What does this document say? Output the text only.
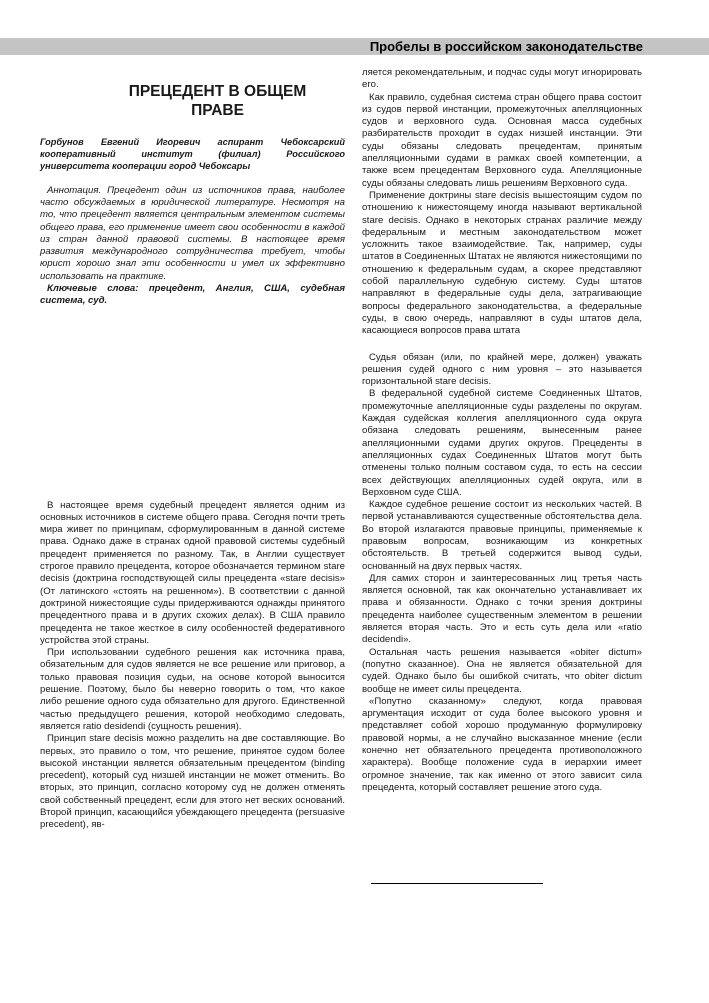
Пробелы в российском законодательстве
ПРЕЦЕДЕНТ В ОБЩЕМ ПРАВЕ

Горбунов Евгений Игоревич аспирант Чебоксарский кооперативный институт (филиал) Российского университета кооперации город Чебоксары

Аннотация. Прецедент один из источников права, наиболее часто обсуждаемых в юридической литературе. Несмотря на то, что прецедент является центральным элементом системы общего права, его применение имеет свои особенности в каждой из стран данной правовой системы. В настоящее время развития международного сотрудничества требует, чтобы юрист хорошо знал эти особенности и умел их эффективно использовать на практике.

Ключевые слова: прецедент, Англия, США, судебная система, суд.

В настоящее время судебный прецедент является одним из основных источников в системе общего права. Сегодня почти треть мира живет по принципам, сформулированным в данной системе права. Однако даже в странах одной правовой системы судебный прецедент применяется по разному. Так, в Англии существует строгое правило прецедента, которое обозначается термином stare decisis (доктрина господствующей силы прецедента «stare decisis» (От латинского «стоять на решенном»). В соответствии с данной доктриной нижестоящие суды придерживаются однажды принятого прецедентного права и в других схожих делах). В США правило прецедента не такое жесткое в силу особенностей федеративного устройства этой страны.

При использовании судебного решения как источника права, обязательным для судов является не все решение или приговор, а только правовая позиция судьи, на основе которой выносится решение. Поэтому, было бы неверно говорить о том, что какое либо решение одного суда обязательно для другого. Единственной частью предыдущего решения, которой необходимо следовать, является ratio desidendi (сущность решения).

Принцип stare decisis можно разделить на две составляющие. Во первых, это правило о том, что решение, принятое судом более высокой инстанции является обязательным прецедентом (binding precedent), который суд низшей инстанции не может отменить. Во вторых, это принцип, согласно которому суд не должен отменять свой собственный прецедент, если для этого нет веских оснований. Второй принцип, касающийся убеждающего прецедента (persuasive precedent), яв-

ляется рекомендательным, и подчас суды могут игнорировать его.

Как правило, судебная система стран общего права состоит из судов первой инстанции, промежуточных апелляционных судов и верховного суда. Основная масса судебных разбирательств проходит в судах низшей инстанции. Эти суды обязаны следовать прецедентам, принятым апелляционными судами в рамках своей компетенции, а также всем прецедентам Верховного суда. Апелляционные суды обязаны следовать лишь решениям Верховного суда.

Применение доктрины stare decisis вышестоящим судом по отношению к нижестоящему иногда называют вертикальной stare decisis. Однако в некоторых странах различие между федеральным и местным законодательством может усложнить такое взаимодействие. Так, например, суды штатов в Соединенных Штатах не являются нижестоящими по отношению к федеральным судам, а скорее представляют собой параллельную судебную систему. Суды штатов направляют в федеральные суды дела, затрагивающие вопросы федерального законодательства, а федеральные суды, в свою очередь, направляют в суды штатов дела, касающиеся вопросов права штата

Судья обязан (или, по крайней мере, должен) уважать решения судей одного с ним уровня – это называется горизонтальной stare decisis.

В федеральной судебной системе Соединенных Штатов, промежуточные апелляционные суды разделены по округам. Каждая судейская коллегия апелляционного суда округа обязана следовать решениям, вынесенным ранее апелляционными судами других округов. Прецеденты в апелляционных судах Соединенных Штатов могут быть отменены только полным составом суда, то есть на сессии всех действующих апелляционных судей округа, или в Верховном суде США.

Каждое судебное решение состоит из нескольких частей. В первой устанавливаются существенные обстоятельства дела. Во второй излагаются правовые принципы, применяемые к правовым вопросам, возникающим из конкретных обстоятельств. В третьей содержится вывод судьи, основанный на двух первых частях.

Для самих сторон и заинтересованных лиц третья часть является основной, так как окончательно устанавливает их права и обязанности. Однако с точки зрения доктрины прецедента наиболее существенным элементом в решении является вторая часть. Это и есть суть дела или «ratio decidendi».

Остальная часть решения называется «obiter dictum» (попутно сказанное). Она не является обязательной для судей. Однако было бы ошибкой считать, что obiter dictum вообще не имеет силы прецедента.

«Попутно сказанному» следуют, когда правовая аргументация исходит от суда более высокого уровня и представляет собой хорошо продуманную формулировку правовой нормы, а не случайно высказанное мнение (если конечно нет обязательного прецедента противоположного характера). Вообще положение суда в иерархии имеет огромное значение, так как именно от этого зависит сила прецедента, который составляет решение этого суда.
